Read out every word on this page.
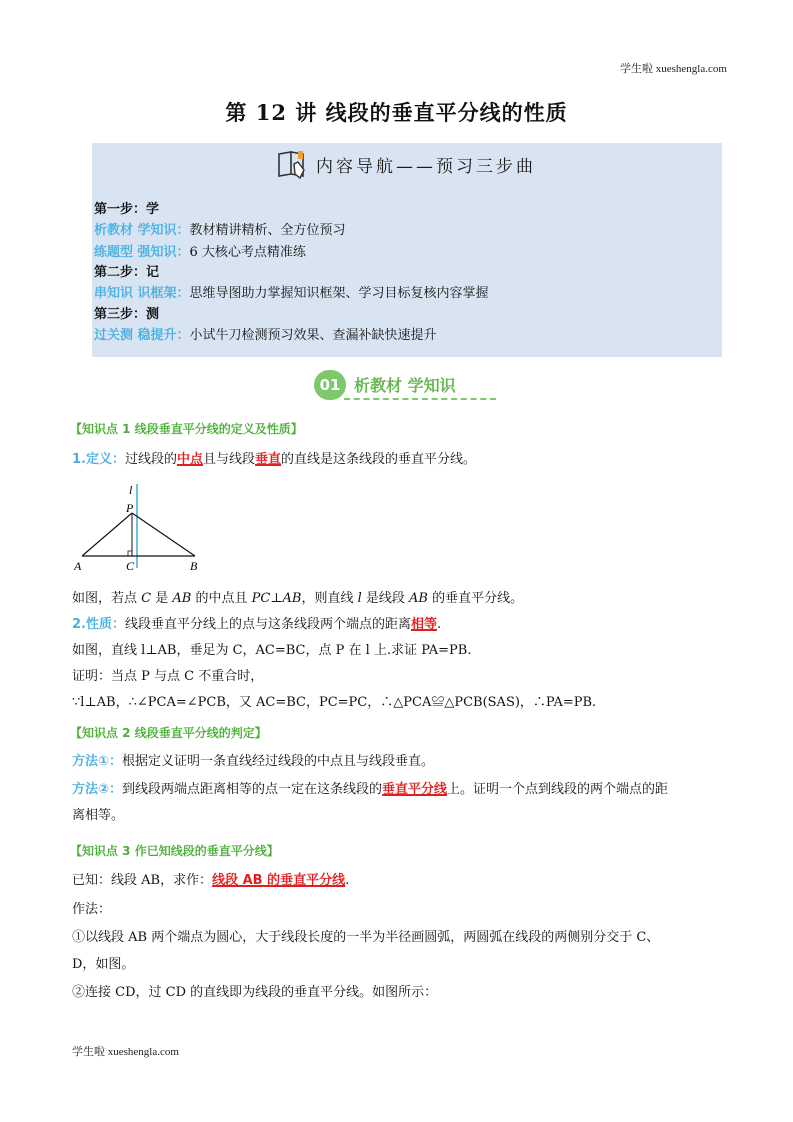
学生啦 xueshengla.com
第 12 讲 线段的垂直平分线的性质
内容导航——预习三步曲
第一步：学
析教材 学知识：教材精讲精析、全方位预习
练题型 强知识：6 大核心考点精准练
第二步：记
串知识 识框架：思维导图助力掌握知识框架、学习目标复核内容掌握
第三步：测
过关测 稳提升：小试牛刀检测预习效果、查漏补缺快速提升
01 析教材 学知识
【知识点 1 线段垂直平分线的定义及性质】
1.定义：过线段的中点且与线段垂直的直线是这条线段的垂直平分线。
l
P
A	C	B
如图，若点 C 是 AB 的中点且 PC⊥AB，则直线 l 是线段 AB 的垂直平分线。
2.性质：线段垂直平分线上的点与这条线段两个端点的距离相等.
如图，直线 l⊥AB，垂足为 C，AC=BC，点 P 在 l 上.求证 PA=PB.
证明：当点 P 与点 C 不重合时，
∵l⊥AB，∴∠PCA=∠PCB，又 AC=BC，PC=PC，∴△PCA≌△PCB(SAS)，∴PA=PB.
【知识点 2 线段垂直平分线的判定】
方法①：根据定义证明一条直线经过线段的中点且与线段垂直。
方法②：到线段两端点距离相等的点一定在这条线段的垂直平分线上。证明一个点到线段的两个端点的距
离相等。
【知识点 3 作已知线段的垂直平分线】
已知：线段 AB，求作：线段 AB 的垂直平分线.
作法：
①以线段 AB 两个端点为圆心，大于线段长度的一半为半径画圆弧，两圆弧在线段的两侧别分交于 C、
D，如图。
②连接 CD，过 CD 的直线即为线段的垂直平分线。如图所示：
学生啦 xueshengla.com
